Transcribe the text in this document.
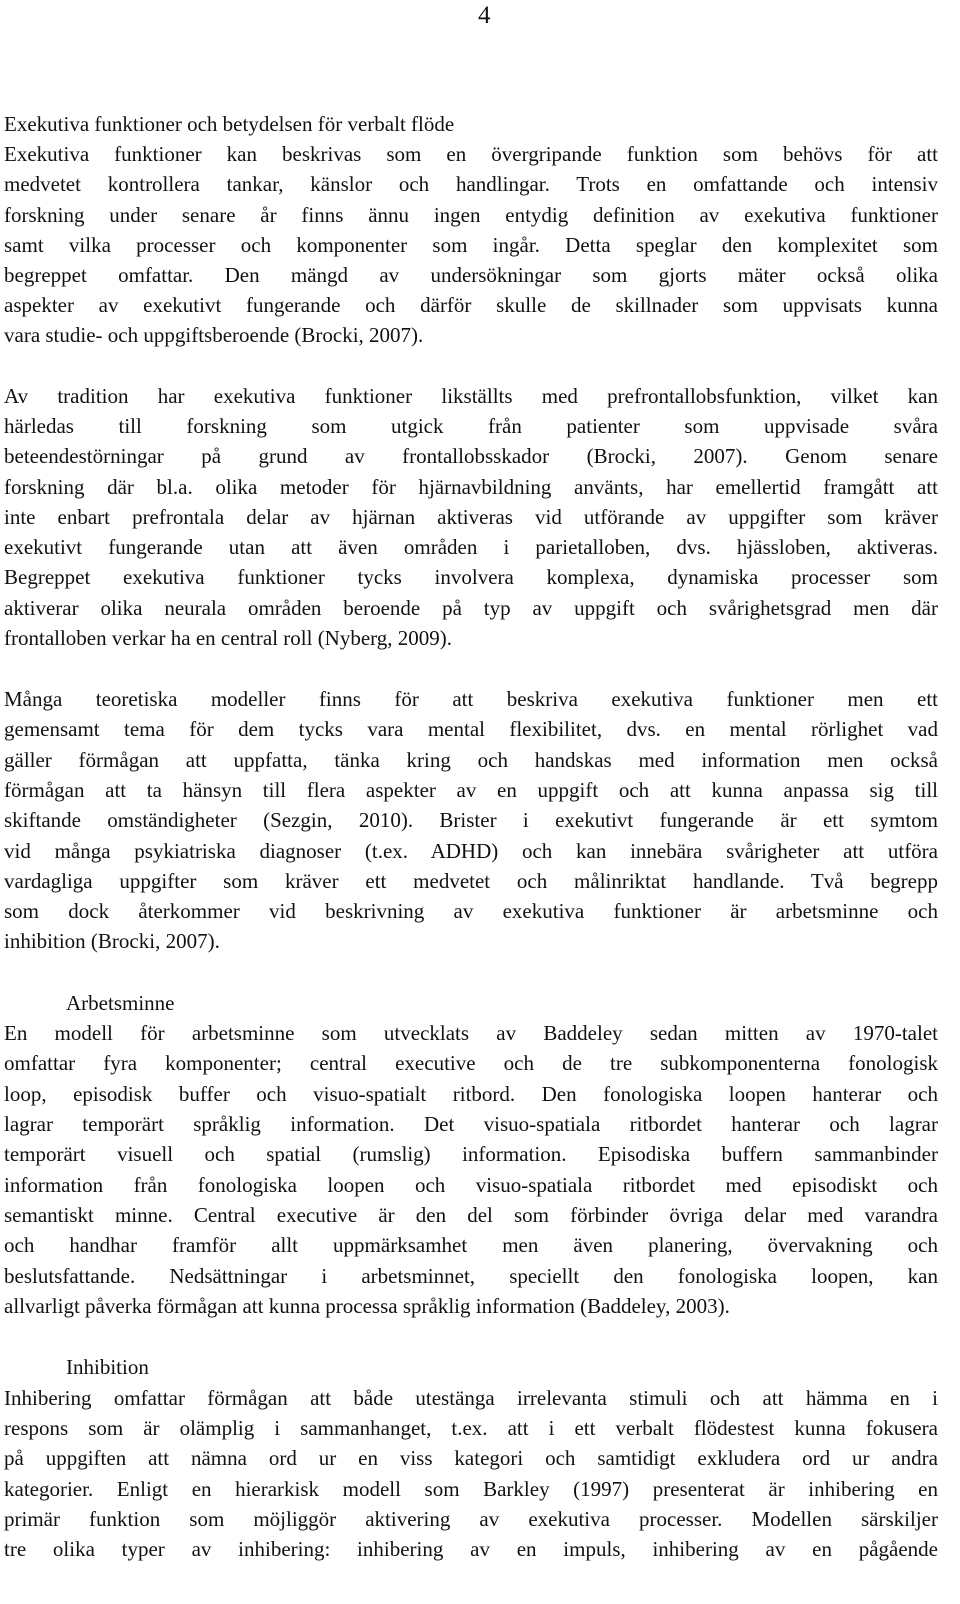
4
Exekutiva funktioner och betydelsen för verbalt flöde
Exekutiva funktioner kan beskrivas som en övergripande funktion som behövs för att
medvetet kontrollera tankar, känslor och handlingar. Trots en omfattande och intensiv
forskning under senare år finns ännu ingen entydig definition av exekutiva funktioner
samt vilka processer och komponenter som ingår. Detta speglar den komplexitet som
begreppet omfattar. Den mängd av undersökningar som gjorts mäter också olika
aspekter av exekutivt fungerande och därför skulle de skillnader som uppvisats kunna
vara studie- och uppgiftsberoende (Brocki, 2007).
Av tradition har exekutiva funktioner likställts med prefrontallobsfunktion, vilket kan
härledas till forskning som utgick från patienter som uppvisade svåra
beteendestörningar på grund av frontallobsskador (Brocki, 2007). Genom senare
forskning där bl.a. olika metoder för hjärnavbildning använts, har emellertid framgått att
inte enbart prefrontala delar av hjärnan aktiveras vid utförande av uppgifter som kräver
exekutivt fungerande utan att även områden i parietalloben, dvs. hjässloben, aktiveras.
Begreppet exekutiva funktioner tycks involvera komplexa, dynamiska processer som
aktiverar olika neurala områden beroende på typ av uppgift och svårighetsgrad men där
frontalloben verkar ha en central roll (Nyberg, 2009).
Många teoretiska modeller finns för att beskriva exekutiva funktioner men ett
gemensamt tema för dem tycks vara mental flexibilitet, dvs. en mental rörlighet vad
gäller förmågan att uppfatta, tänka kring och handskas med information men också
förmågan att ta hänsyn till flera aspekter av en uppgift och att kunna anpassa sig till
skiftande omständigheter (Sezgin, 2010). Brister i exekutivt fungerande är ett symtom
vid många psykiatriska diagnoser (t.ex. ADHD) och kan innebära svårigheter att utföra
vardagliga uppgifter som kräver ett medvetet och målinriktat handlande. Två begrepp
som dock återkommer vid beskrivning av exekutiva funktioner är arbetsminne och
inhibition (Brocki, 2007).
Arbetsminne
En modell för arbetsminne som utvecklats av Baddeley sedan mitten av 1970-talet
omfattar fyra komponenter; central executive och de tre subkomponenterna fonologisk
loop, episodisk buffer och visuo-spatialt ritbord. Den fonologiska loopen hanterar och
lagrar temporärt språklig information. Det visuo-spatiala ritbordet hanterar och lagrar
temporärt visuell och spatial (rumslig) information. Episodiska buffern sammanbinder
information från fonologiska loopen och visuo-spatiala ritbordet med episodiskt och
semantiskt minne. Central executive är den del som förbinder övriga delar med varandra
och handhar framför allt uppmärksamhet men även planering, övervakning och
beslutsfattande. Nedsättningar i arbetsminnet, speciellt den fonologiska loopen, kan
allvarligt påverka förmågan att kunna processa språklig information (Baddeley, 2003).
Inhibition
Inhibering omfattar förmågan att både utestänga irrelevanta stimuli och att hämma en i
respons som är olämplig i sammanhanget, t.ex. att i ett verbalt flödestest kunna fokusera
på uppgiften att nämna ord ur en viss kategori och samtidigt exkludera ord ur andra
kategorier. Enligt en hierarkisk modell som Barkley (1997) presenterat är inhibering en
primär funktion som möjliggör aktivering av exekutiva processer. Modellen särskiljer
tre olika typer av inhibering: inhibering av en impuls, inhibering av en pågående
